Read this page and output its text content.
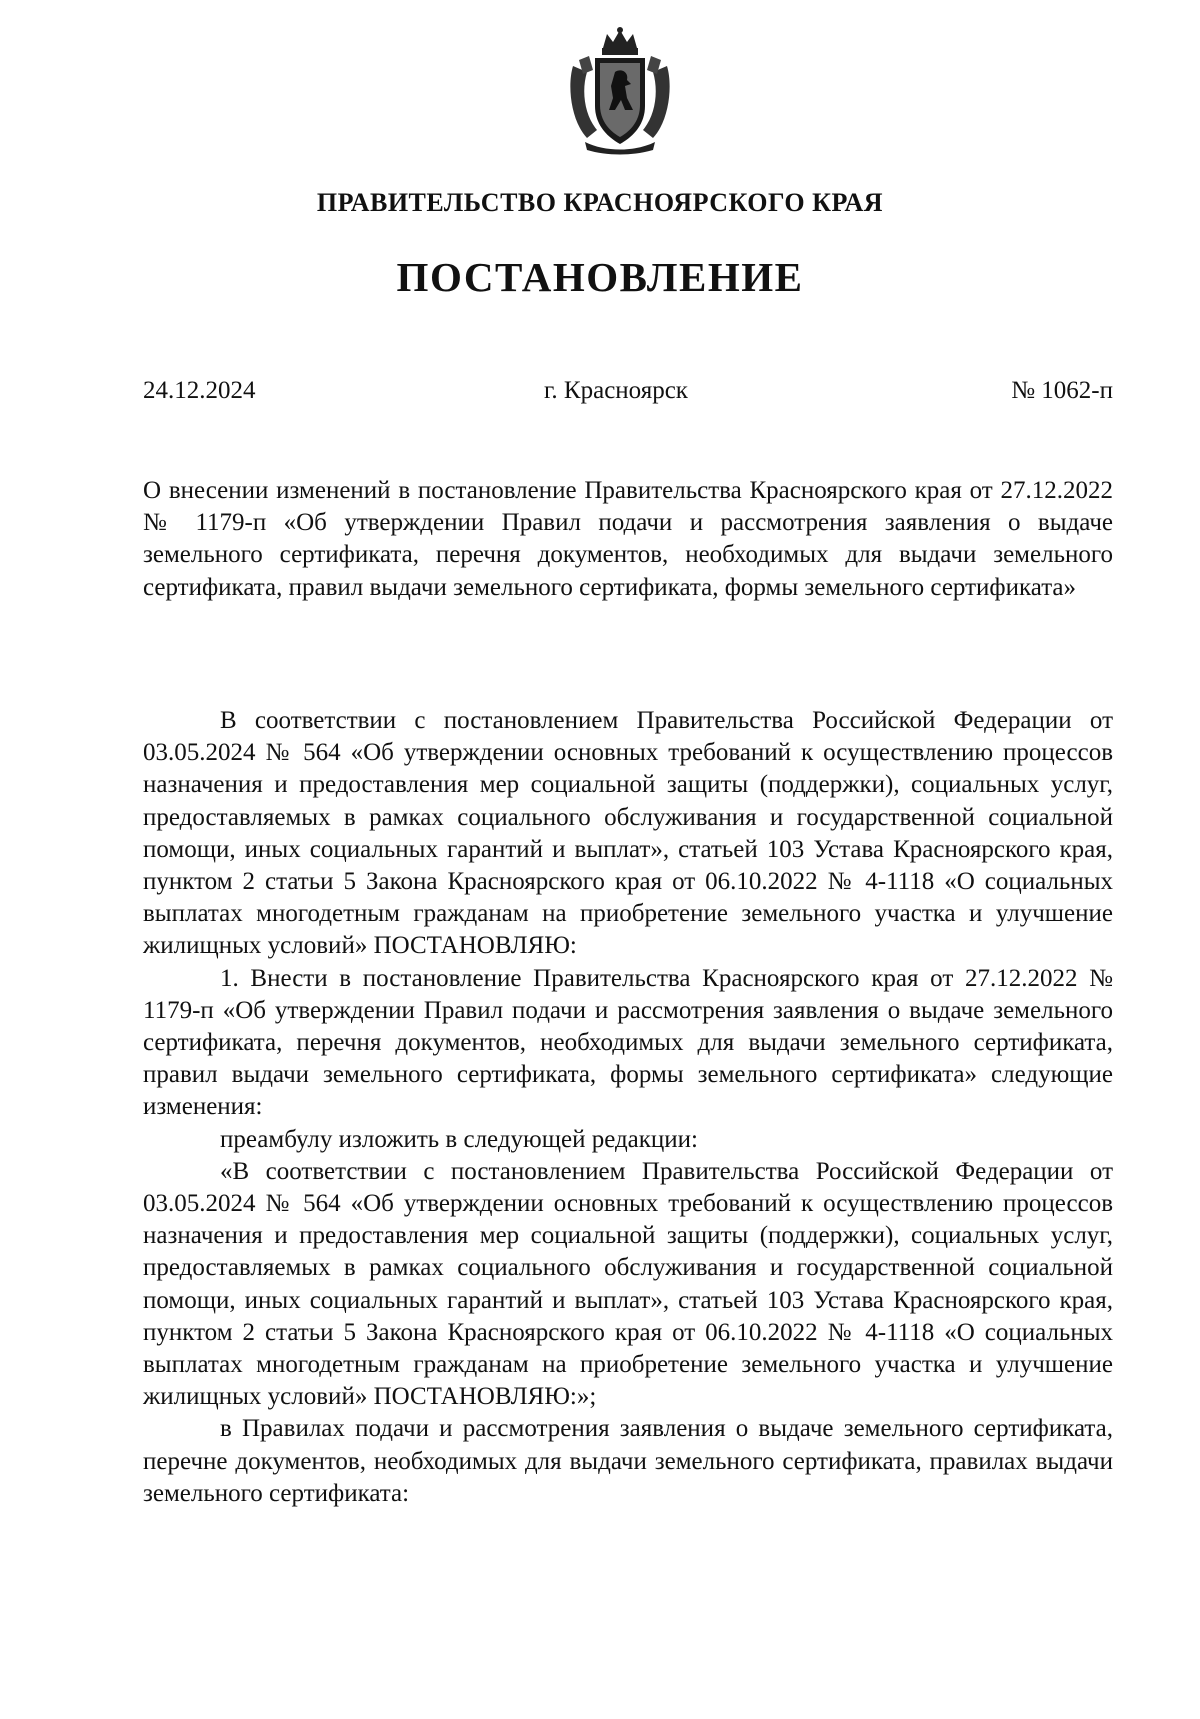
ПРАВИТЕЛЬСТВО КРАСНОЯРСКОГО КРАЯ
ПОСТАНОВЛЕНИЕ
24.12.2024	г. Красноярск	№ 1062-п
О внесении изменений в постановление Правительства Красноярского края от 27.12.2022 № 1179-п «Об утверждении Правил подачи и рассмотрения заявления о выдаче земельного сертификата, перечня документов, необходимых для выдачи земельного сертификата, правил выдачи земельного сертификата, формы земельного сертификата»

В соответствии с постановлением Правительства Российской Федерации от 03.05.2024 № 564 «Об утверждении основных требований к осуществлению процессов назначения и предоставления мер социальной защиты (поддержки), социальных услуг, предоставляемых в рамках социального обслуживания и государственной социальной помощи, иных социальных гарантий и выплат», статьей 103 Устава Красноярского края, пунктом 2 статьи 5 Закона Красноярского края от 06.10.2022 № 4-1118 «О социальных выплатах многодетным гражданам на приобретение земельного участка и улучшение жилищных условий» ПОСТАНОВЛЯЮ:

1. Внести в постановление Правительства Красноярского края от 27.12.2022 № 1179-п «Об утверждении Правил подачи и рассмотрения заявления о выдаче земельного сертификата, перечня документов, необходимых для выдачи земельного сертификата, правил выдачи земельного сертификата, формы земельного сертификата» следующие изменения:

преамбулу изложить в следующей редакции:

«В соответствии с постановлением Правительства Российской Федерации от 03.05.2024 № 564 «Об утверждении основных требований к осуществлению процессов назначения и предоставления мер социальной защиты (поддержки), социальных услуг, предоставляемых в рамках социального обслуживания и государственной социальной помощи, иных социальных гарантий и выплат», статьей 103 Устава Красноярского края, пунктом 2 статьи 5 Закона Красноярского края от 06.10.2022 № 4-1118 «О социальных выплатах многодетным гражданам на приобретение земельного участка и улучшение жилищных условий» ПОСТАНОВЛЯЮ:»;

в Правилах подачи и рассмотрения заявления о выдаче земельного сертификата, перечне документов, необходимых для выдачи земельного сертификата, правилах выдачи земельного сертификата:
